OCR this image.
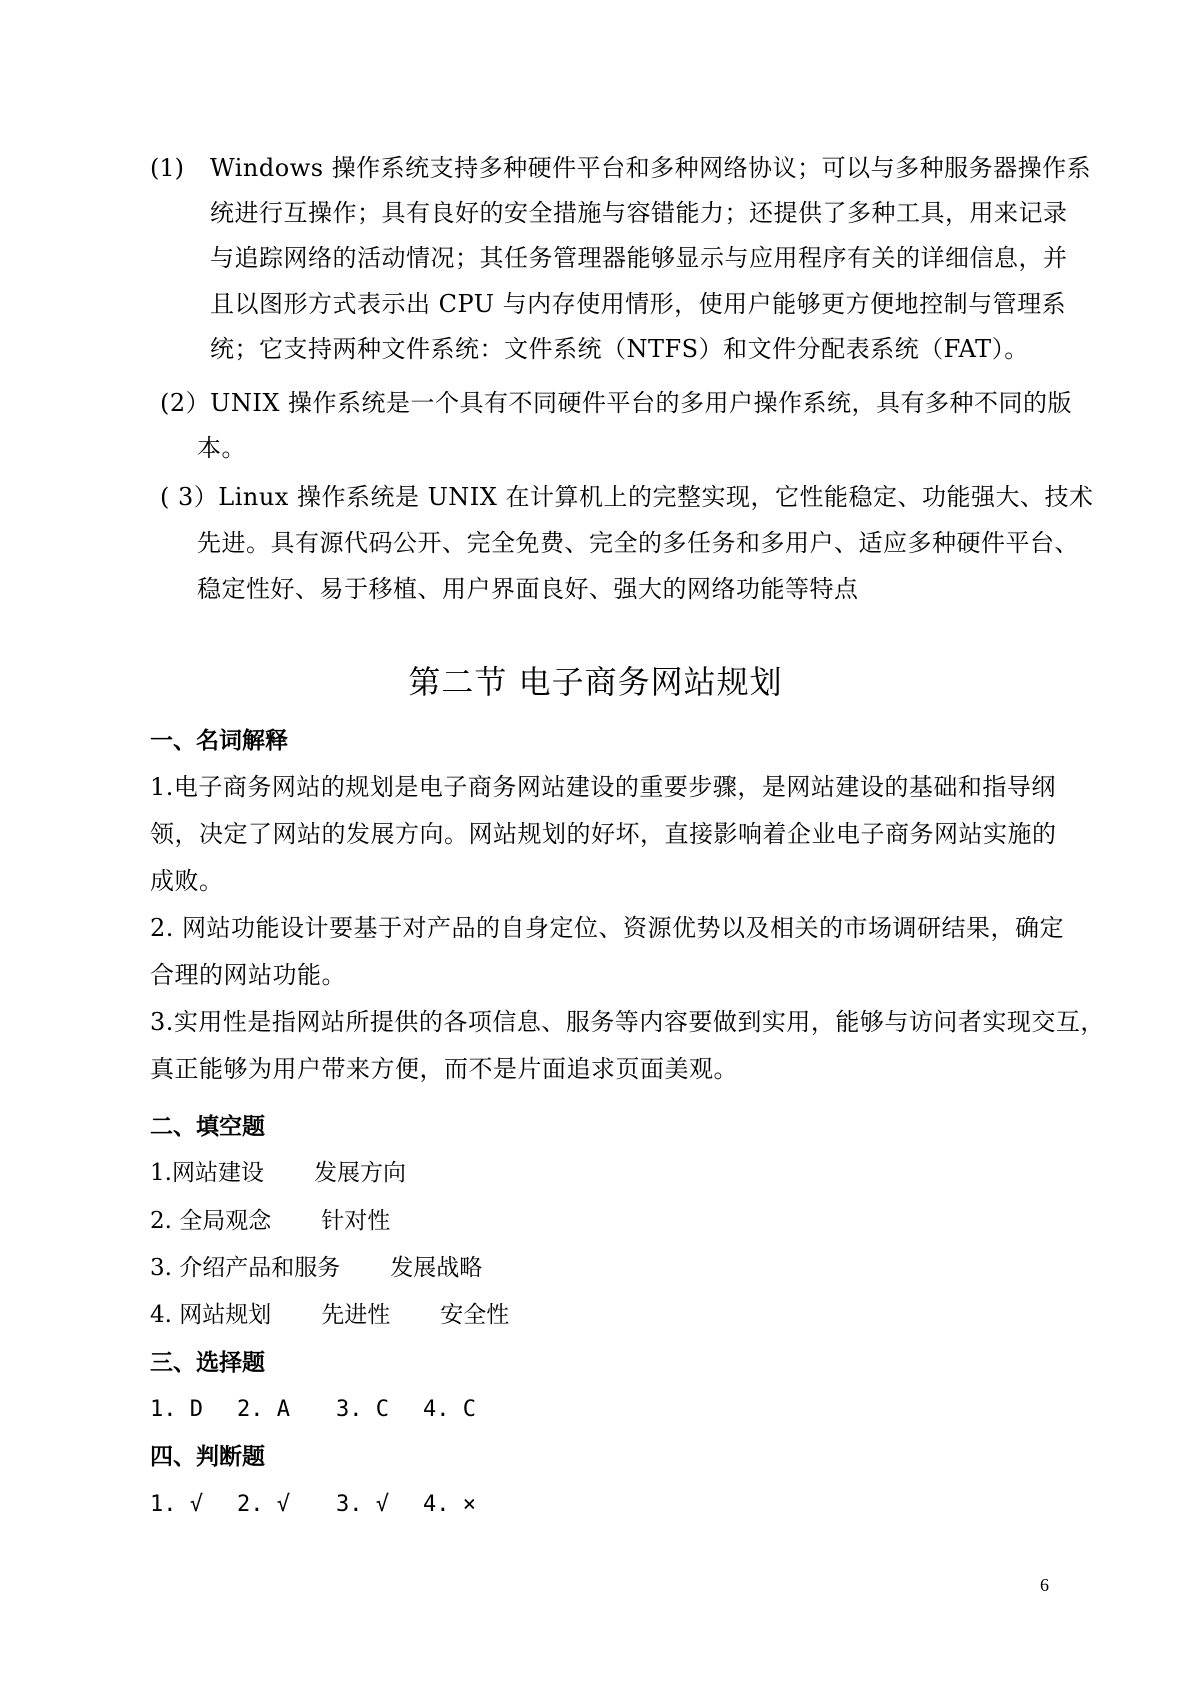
(1) Windows 操作系统支持多种硬件平台和多种网络协议；可以与多种服务器操作系
统进行互操作；具有良好的安全措施与容错能力；还提供了多种工具，用来记录
与追踪网络的活动情况；其任务管理器能够显示与应用程序有关的详细信息，并
且以图形方式表示出 CPU 与内存使用情形，使用户能够更方便地控制与管理系
统；它支持两种文件系统：文件系统（NTFS）和文件分配表系统（FAT）。
(2）UNIX 操作系统是一个具有不同硬件平台的多用户操作系统，具有多种不同的版
本。
( 3）Linux 操作系统是 UNIX 在计算机上的完整实现，它性能稳定、功能强大、技术
先进。具有源代码公开、完全免费、完全的多任务和多用户、适应多种硬件平台、
稳定性好、易于移植、用户界面良好、强大的网络功能等特点
第二节 电子商务网站规划
一、名词解释
1.电子商务网站的规划是电子商务网站建设的重要步骤，是网站建设的基础和指导纲
领，决定了网站的发展方向。网站规划的好坏，直接影响着企业电子商务网站实施的
成败。
2. 网站功能设计要基于对产品的自身定位、资源优势以及相关的市场调研结果，确定
合理的网站功能。
3.实用性是指网站所提供的各项信息、服务等内容要做到实用，能够与访问者实现交互，
真正能够为用户带来方便，而不是片面追求页面美观。
二、填空题
1.网站建设 发展方向
2. 全局观念 针对性
3. 介绍产品和服务 发展战略
4. 网站规划 先进性 安全性
三、选择题
1. D 2. A 3. C 4. C
四、判断题
1. √ 2. √ 3. √ 4. ×
6
